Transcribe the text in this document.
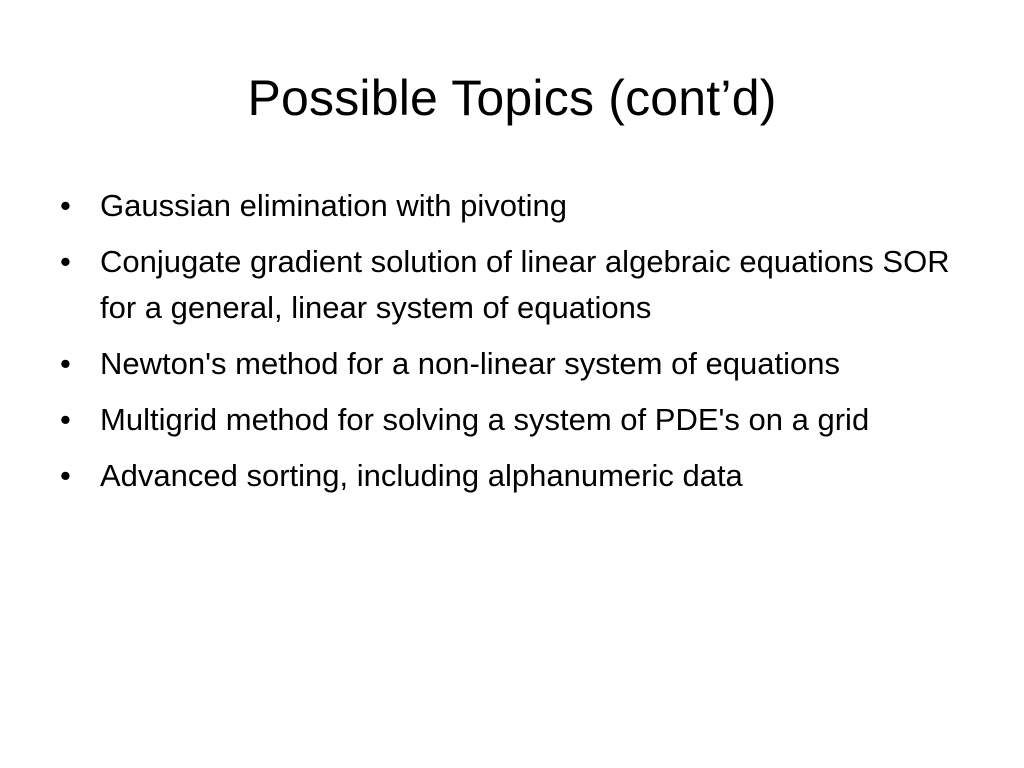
Possible Topics (cont’d)
• Gaussian elimination with pivoting
• Conjugate gradient solution of linear algebraic equations SOR for a general, linear system of equations
• Newton's method for a non-linear system of equations
• Multigrid method for solving a system of PDE's on a grid
• Advanced sorting, including alphanumeric data
